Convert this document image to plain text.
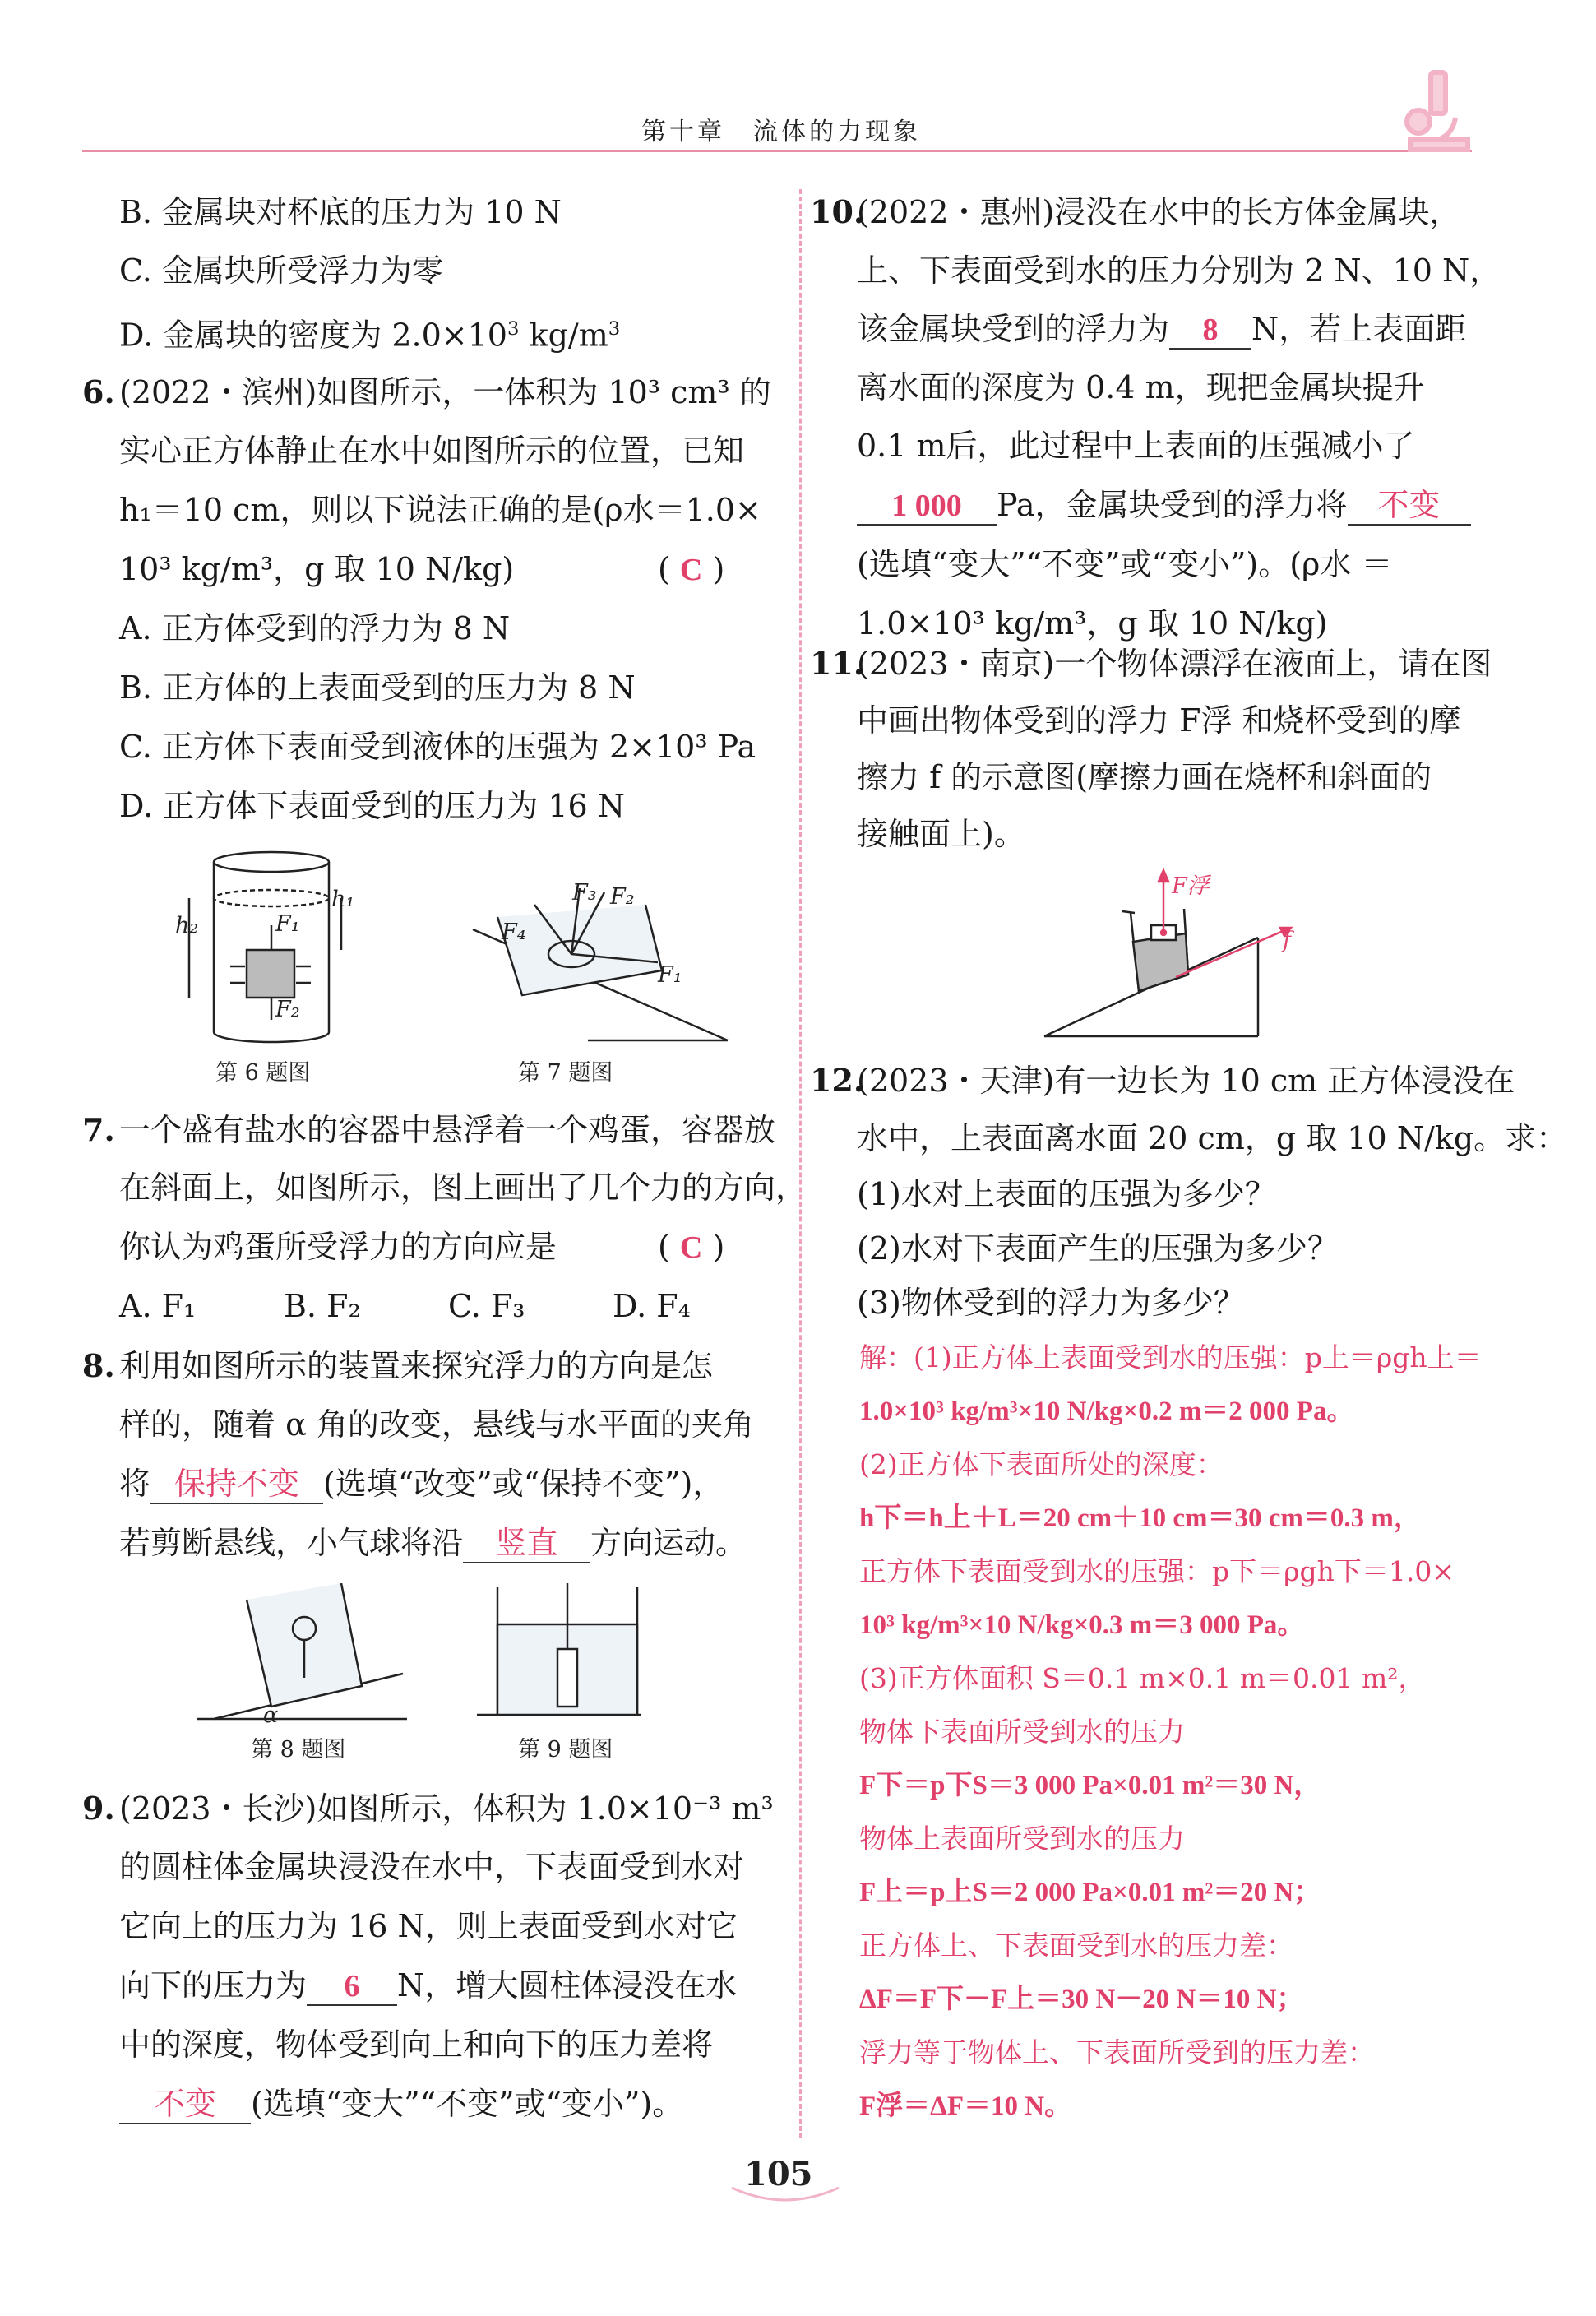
第十章　流体的力现象
B. 金属块对杯底的压力为 10 N
C. 金属块所受浮力为零
D. 金属块的密度为 $2.0\times 10^3$ $kg/m^3$
6. (2022・滨州)如图所示，一体积为 10³ cm³ 的
实心正方体静止在水中如图所示的位置，已知
h₁＝10 cm，则以下说法正确的是(ρ水＝1.0×
10³ kg/m³，g 取 10 N/kg)	( C )
A. 正方体受到的浮力为 8 N
B. 正方体的上表面受到的压力为 8 N
C. 正方体下表面受到液体的压强为 2×10³ Pa
D. 正方体下表面受到的压力为 16 N
h₂
h₁
F₁
F₂
第 6 题图
F₃ F₂
F₄
F₁
第 7 题图
7. 一个盛有盐水的容器中悬浮着一个鸡蛋，容器放
在斜面上，如图所示，图上画出了几个力的方向，
你认为鸡蛋所受浮力的方向应是	( C )
A. F₁	B. F₂	C. F₃	D. F₄
8. 利用如图所示的装置来探究浮力的方向是怎
样的，随着 α 角的改变，悬线与水平面的夹角
将 保持不变 (选填“改变”或“保持不变”)，
若剪断悬线，小气球将沿 竖直 方向运动。
α
第 8 题图	第 9 题图
9. (2023・长沙)如图所示，体积为 1.0×10⁻³ m³
的圆柱体金属块浸没在水中，下表面受到水对
它向上的压力为 16 N，则上表面受到水对它
向下的压力为 6 N，增大圆柱体浸没在水
中的深度，物体受到向上和向下的压力差将
不变 (选填“变大”“不变”或“变小”)。
10.
(2022・惠州)浸没在水中的长方体金属块，
上、下表面受到水的压力分别为 2 N、10 N，
该金属块受到的浮力为 8 N，若上表面距
离水面的深度为 0.4 m，现把金属块提升
0.1 m后，此过程中上表面的压强减小了
1 000 Pa，金属块受到的浮力将 不变
(选填“变大”“不变”或“变小”)。(ρ水 ＝
1.0×10³ kg/m³，g 取 10 N/kg)
11.
(2023・南京)一个物体漂浮在液面上，请在图
中画出物体受到的浮力 F浮 和烧杯受到的摩
擦力 f 的示意图(摩擦力画在烧杯和斜面的
接触面上)。
F浮
f
12.
(2023・天津)有一边长为 10 cm 正方体浸没在
水中，上表面离水面 20 cm，g 取 10 N/kg。求：
(1)水对上表面的压强为多少？
(2)水对下表面产生的压强为多少？
(3)物体受到的浮力为多少？
解：(1)正方体上表面受到水的压强：p上＝ρgh上＝
1.0×10³ kg/m³×10 N/kg×0.2 m＝2 000 Pa。
(2)正方体下表面所处的深度：
h下＝h上＋L＝20 cm＋10 cm＝30 cm＝0.3 m，
正方体下表面受到水的压强：p下＝ρgh下＝1.0×
10³ kg/m³×10 N/kg×0.3 m＝3 000 Pa。
(3)正方体面积 S＝0.1 m×0.1 m＝0.01 m²，
物体下表面所受到水的压力
F下＝p下S＝3 000 Pa×0.01 m²＝30 N，
物体上表面所受到水的压力
F上＝p上S＝2 000 Pa×0.01 m²＝20 N；
正方体上、下表面受到水的压力差：
ΔF＝F下－F上＝30 N－20 N＝10 N；
浮力等于物体上、下表面所受到的压力差：
F浮＝ΔF＝10 N。
105
